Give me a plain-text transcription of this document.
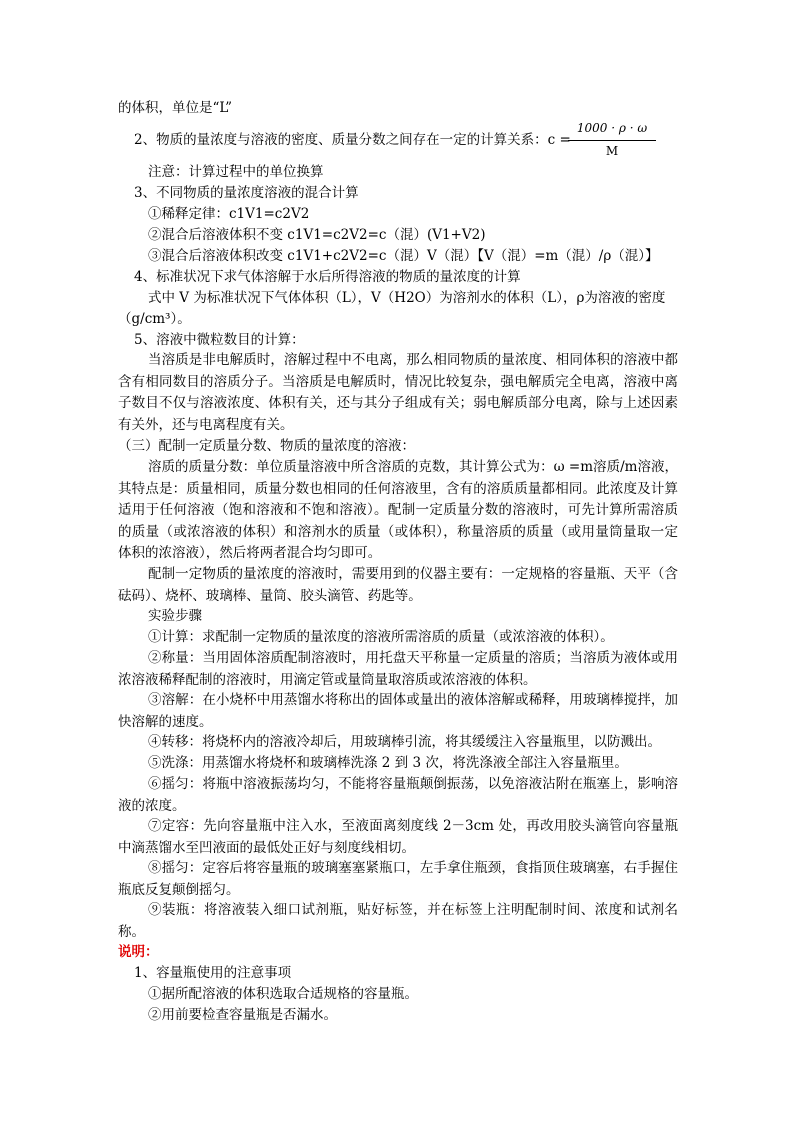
的体积，单位是“L”
2、物质的量浓度与溶液的密度、质量分数之间存在一定的计算关系：c =
1000 · ρ · ω
M
注意：计算过程中的单位换算
3、不同物质的量浓度溶液的混合计算
①稀释定律：c1V1=c2V2
②混合后溶液体积不变 c1V1=c2V2=c（混）(V1+V2)
③混合后溶液体积改变 c1V1+c2V2=c（混）V（混）【V（混）=m（混）/ρ（混）】
4、标准状况下求气体溶解于水后所得溶液的物质的量浓度的计算
式中 V 为标准状况下气体体积（L），V（H2O）为溶剂水的体积（L），ρ为溶液的密度
（g/cm³）。
5、溶液中微粒数目的计算：
当溶质是非电解质时，溶解过程中不电离，那么相同物质的量浓度、相同体积的溶液中都含有相同数目的溶质分子。当溶质是电解质时，情况比较复杂，强电解质完全电离，溶液中离子数目不仅与溶液浓度、体积有关，还与其分子组成有关；弱电解质部分电离，除与上述因素有关外，还与电离程度有关。
（三）配制一定质量分数、物质的量浓度的溶液：
溶质的质量分数：单位质量溶液中所含溶质的克数，其计算公式为：ω =m溶质/m溶液，其特点是：质量相同，质量分数也相同的任何溶液里，含有的溶质质量都相同。此浓度及计算适用于任何溶液（饱和溶液和不饱和溶液）。配制一定质量分数的溶液时，可先计算所需溶质的质量（或浓溶液的体积）和溶剂水的质量（或体积），称量溶质的质量（或用量筒量取一定体积的浓溶液），然后将两者混合均匀即可。
配制一定物质的量浓度的溶液时，需要用到的仪器主要有：一定规格的容量瓶、天平（含砝码）、烧杯、玻璃棒、量筒、胶头滴管、药匙等。
实验步骤
①计算：求配制一定物质的量浓度的溶液所需溶质的质量（或浓溶液的体积）。
②称量：当用固体溶质配制溶液时，用托盘天平称量一定质量的溶质；当溶质为液体或用浓溶液稀释配制的溶液时，用滴定管或量筒量取溶质或浓溶液的体积。
③溶解：在小烧杯中用蒸馏水将称出的固体或量出的液体溶解或稀释，用玻璃棒搅拌，加快溶解的速度。
④转移：将烧杯内的溶液冷却后，用玻璃棒引流，将其缓缓注入容量瓶里，以防溅出。
⑤洗涤：用蒸馏水将烧杯和玻璃棒洗涤 2 到 3 次，将洗涤液全部注入容量瓶里。
⑥摇匀：将瓶中溶液振荡均匀，不能将容量瓶颠倒振荡，以免溶液沾附在瓶塞上，影响溶液的浓度。
⑦定容：先向容量瓶中注入水，至液面离刻度线 2－3cm 处，再改用胶头滴管向容量瓶中滴蒸馏水至凹液面的最低处正好与刻度线相切。
⑧摇匀：定容后将容量瓶的玻璃塞塞紧瓶口，左手拿住瓶颈，食指顶住玻璃塞，右手握住瓶底反复颠倒摇匀。
⑨装瓶：将溶液装入细口试剂瓶，贴好标签，并在标签上注明配制时间、浓度和试剂名称。
说明：
1、容量瓶使用的注意事项
①据所配溶液的体积选取合适规格的容量瓶。
②用前要检查容量瓶是否漏水。
